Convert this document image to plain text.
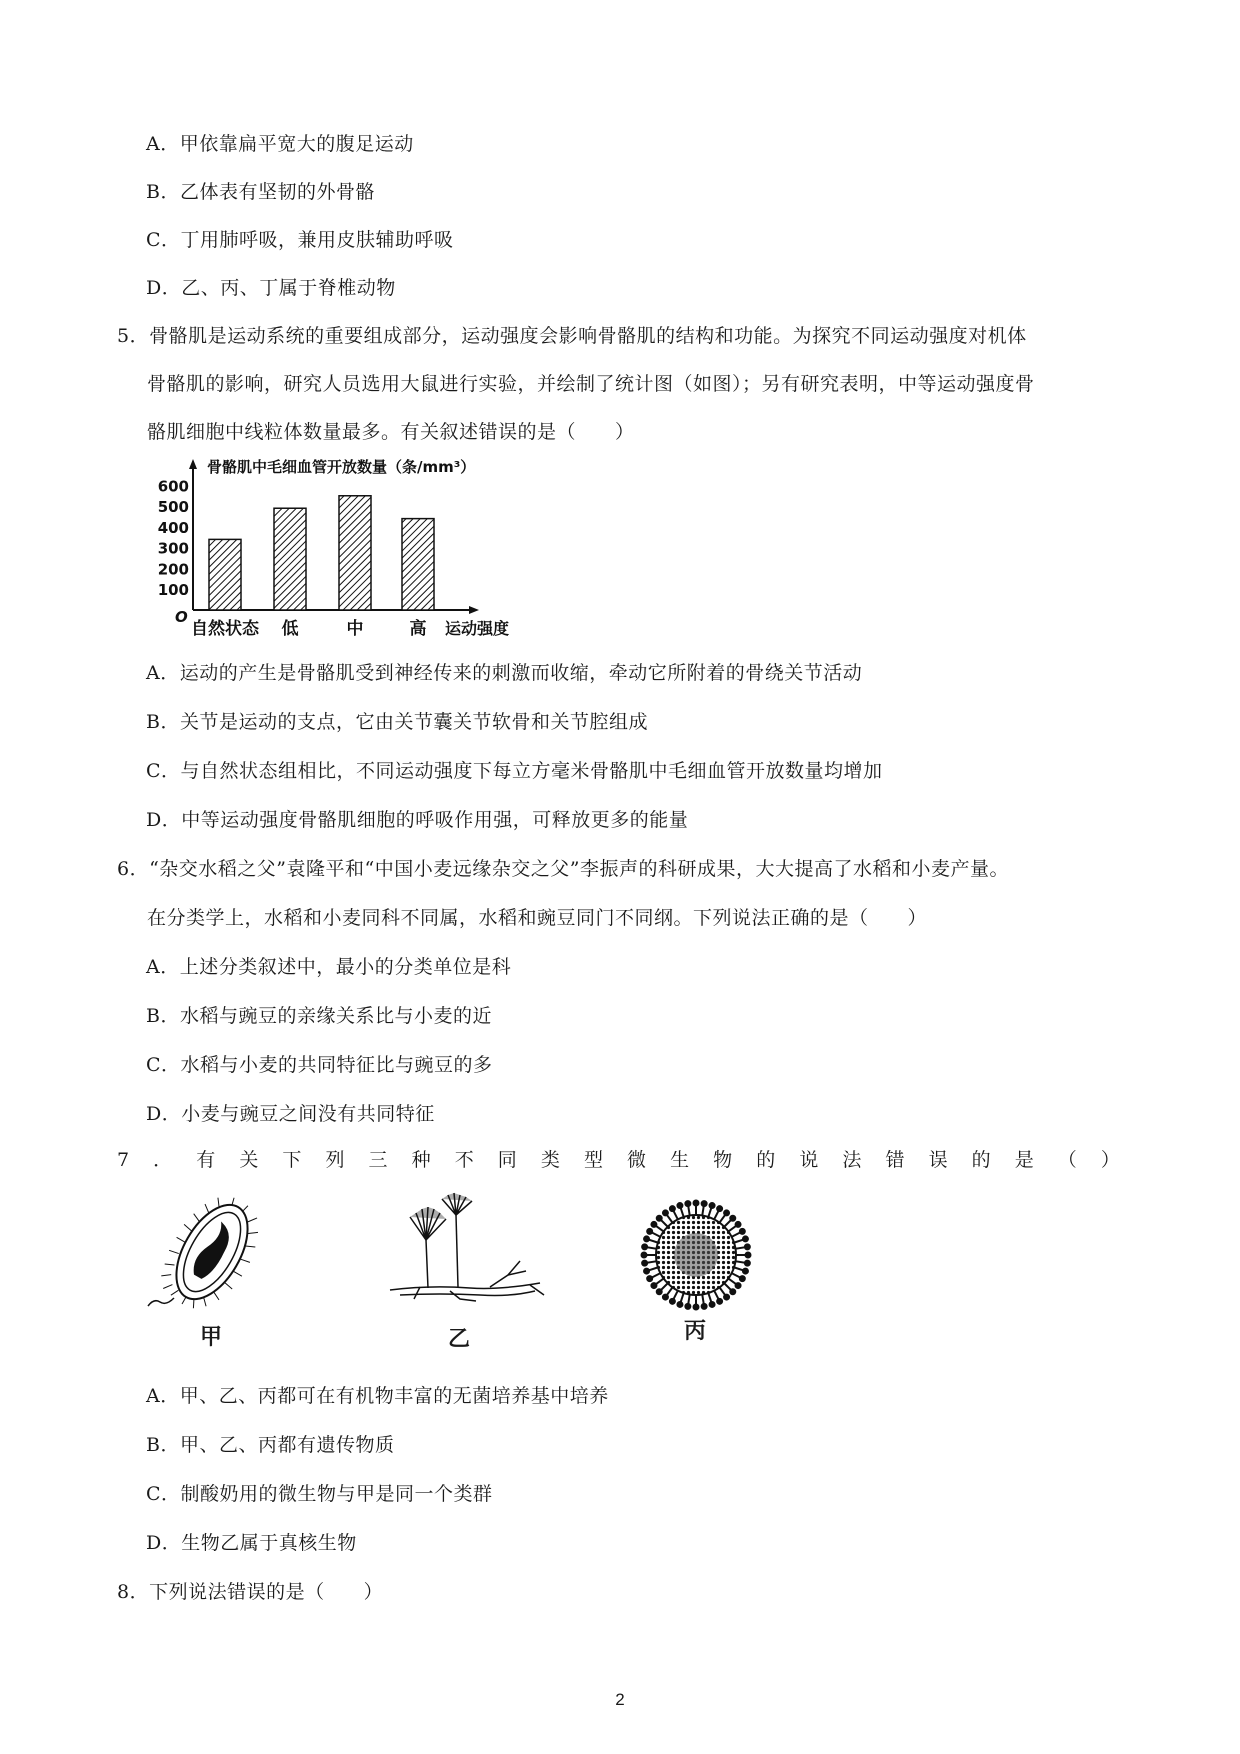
A．甲依靠扁平宽大的腹足运动
B．乙体表有坚韧的外骨骼
C．丁用肺呼吸，兼用皮肤辅助呼吸
D．乙、丙、丁属于脊椎动物
5．骨骼肌是运动系统的重要组成部分，运动强度会影响骨骼肌的结构和功能。为探究不同运动强度对机体
骨骼肌的影响，研究人员选用大鼠进行实验，并绘制了统计图（如图）；另有研究表明，中等运动强度骨
骼肌细胞中线粒体数量最多。有关叙述错误的是（　　）
骨骼肌中毛细血管开放数量（条/mm³）
100
200
300
400
500
600
O
自然状态 低	中	高 运动强度
A．运动的产生是骨骼肌受到神经传来的刺激而收缩，牵动它所附着的骨绕关节活动
B．关节是运动的支点，它由关节囊关节软骨和关节腔组成
C．与自然状态组相比，不同运动强度下每立方毫米骨骼肌中毛细血管开放数量均增加
D．中等运动强度骨骼肌细胞的呼吸作用强，可释放更多的能量
6．“杂交水稻之父”袁隆平和“中国小麦远缘杂交之父”李振声的科研成果，大大提高了水稻和小麦产量。
在分类学上，水稻和小麦同科不同属，水稻和豌豆同门不同纲。下列说法正确的是（　　）
A．上述分类叙述中，最小的分类单位是科
B．水稻与豌豆的亲缘关系比与小麦的近
C．水稻与小麦的共同特征比与豌豆的多
D．小麦与豌豆之间没有共同特征
7 ． 有 关 下 列 三 种 不 同 类 型 微 生 物 的 说 法 错 误 的 是 （ ）
甲	乙	丙
A．甲、乙、丙都可在有机物丰富的无菌培养基中培养
B．甲、乙、丙都有遗传物质
C．制酸奶用的微生物与甲是同一个类群
D．生物乙属于真核生物
8．下列说法错误的是（　　）
2
